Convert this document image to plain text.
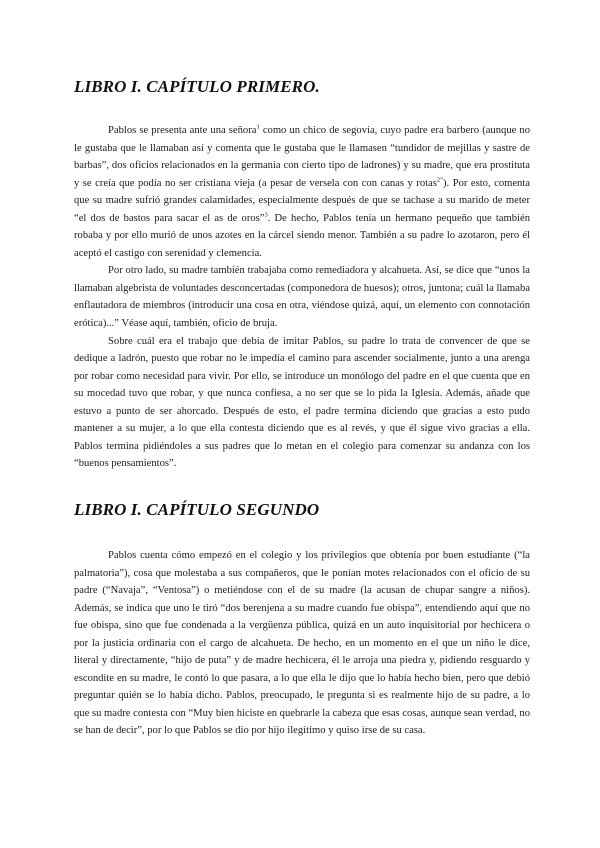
LIBRO I. CAPÍTULO PRIMERO.

Pablos se presenta ante una señora$^1$ como un chico de segovia, cuyo padre era barbero (aunque no le gustaba que le llamaban así y comenta que le gustaba que le llamasen “tundidor de mejillas y sastre de barbas”, dos oficios relacionados en la germanía con cierto tipo de ladrones) y su madre, que era prostituta y se creía que podía no ser cristiana vieja (a pesar de versela con con canas y rotas$^{2”}$). Por esto, comenta que su madre sufrió grandes calamidades, especialmente después de que se tachase a su marido de meter “el dos de bastos para sacar el as de oros”$^3$. De hecho, Pablos tenía un hermano pequeño que también robaba y por ello murió de unos azotes en la cárcel siendo menor. También a su padre lo azotaron, pero él aceptó el castigo con serenidad y clemencia.

Por otro lado, su madre también trabajaba como remediadora y alcahueta. Así, se dice que “unos la llamaban algebrista de voluntades desconcertadas (componedora de huesos); otros, juntona; cuál la llamaba enflautadora de miembros (introducir una cosa en otra, viéndose quizá, aquí, un elemento con connotación erótica)...” Véase aquí, también, oficio de bruja.

Sobre cuál era el trabajo que debía de imitar Pablos, su padre lo trata de convencer de que se dedique a ladrón, puesto que robar no le impedía el camino para ascender socialmente, junto a una arenga por robar como necesidad para vivir. Por ello, se introduce un monólogo del padre en el que cuenta que en su mocedad tuvo que robar, y que nunca confiesa, a no ser que se lo pida la Iglesia. Además, añade que estuvo a punto de ser ahorcado. Después de esto, el padre termina diciendo que gracias a esto pudo mantener a su mujer, a lo que ella contesta diciendo que es al revés, y que él sigue vivo gracias a ella. Pablos termina pidiéndoles a sus padres que lo metan en el colegio para comenzar su andanza con los “buenos pensamientos”.

LIBRO I. CAPÍTULO SEGUNDO

Pablos cuenta cómo empezó en el colegio y los privilegios que obtenía por buen estudiante (“la palmatoria”), cosa que molestaba a sus compañeros, que le ponían motes relacionados con el oficio de su padre (“Navaja”, “Ventosa”) o metiéndose con el de su madre (la acusan de chupar sangre a niños). Además, se indica que uno le tiró “dos berenjena a su madre cuando fue obispa”, entendiendo aquí que no fue obispa, sino que fue condenada a la vergüenza pública, quizá en un auto inquisitorial por hechicera o por la justicia ordinaria con el cargo de alcahueta. De hecho, en un momento en el que un niño le dice, literal y directamente, “hijo de puta” y de madre hechicera, él le arroja una piedra y, pidiendo resguardo y escondite en su madre, le contó lo que pasara, a lo que ella le dijo que lo había hecho bien, pero que debió preguntar quién se lo había dicho. Pablos, preocupado, le pregunta si es realmente hijo de su padre, a lo que su madre contesta con “Muy bien hiciste en quebrarle la cabeza que esas cosas, aunque sean verdad, no se han de decir”, por lo que Pablos se dio por hijo ilegítimo y quiso irse de su casa.
